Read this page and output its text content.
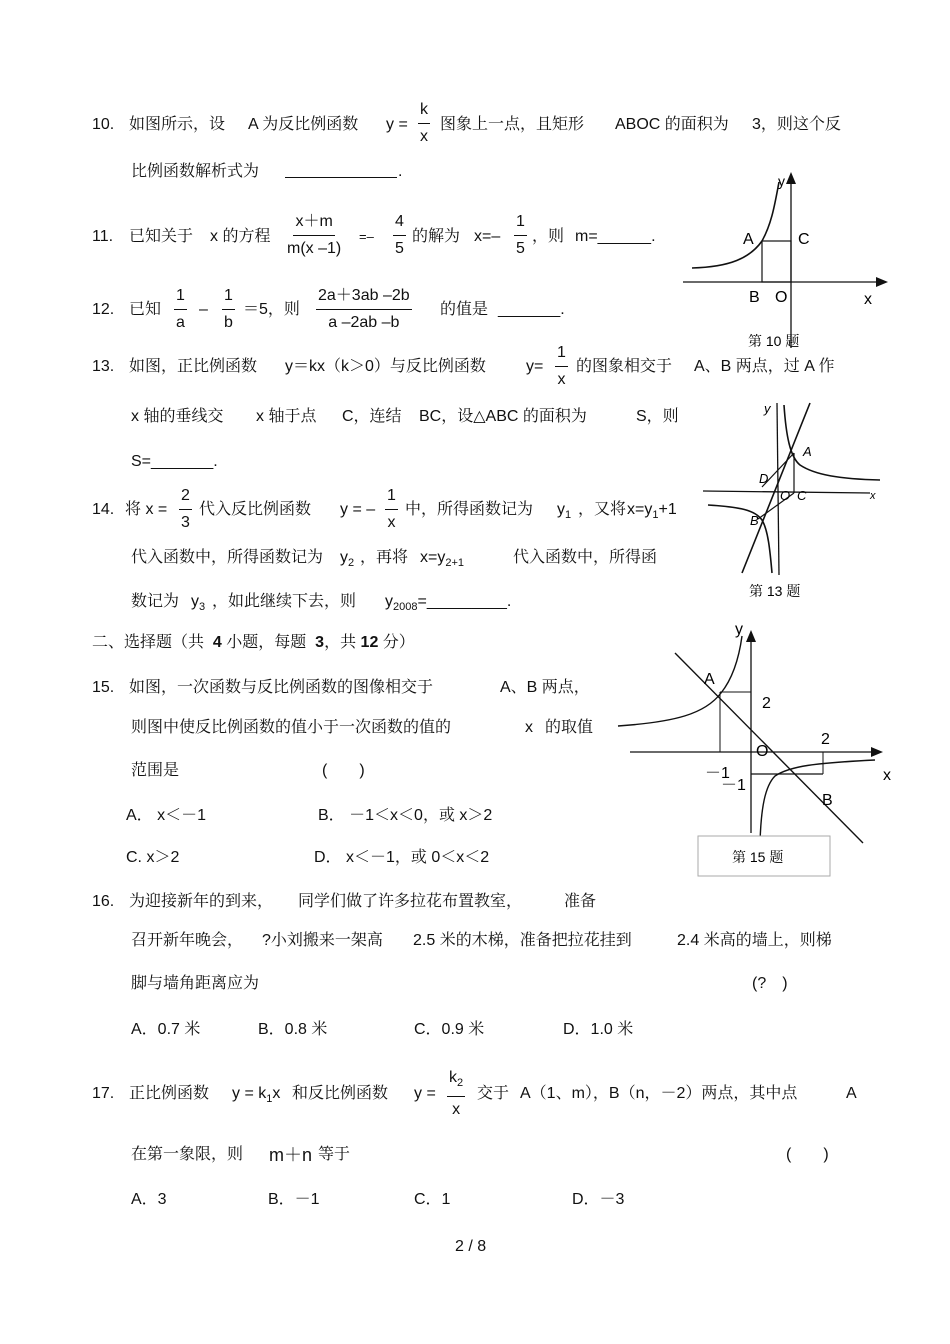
10. 如图所示，设 A 为反比例函数 $y = \frac{k}{x}$ 图象上一点，且矩形 ABOC 的面积为 3，则这个反
比例函数解析式为	.
11. 已知关于 x 的方程 $\frac{x+m}{m(x -1)} =- \frac{4}{5}$ 的解为 $x=- \frac{1}{5}$ ，则 m=______.
12. 已知 $\frac{1}{a} - \frac{1}{b} =5$，则 $\frac{2a+3ab -2b}{a -2ab -b}$ 的值是 _______.
A	C
B O
y
x
第 10 题
13. 如图，正比例函数 y＝kx（k＞0）与反比例函数	$y= \frac{1}{x}$ 的图象相交于 A、B 两点，过 A 作
x 轴的垂线交 x 轴于点 C，连结 BC，设△ABC 的面积为	S，则
S=_______.
y
A
D
O C
B
x
第 13 题
14. 将 $x = \frac{2}{3}$ 代入反比例函数 y = – $\frac{1}{x}$ 中，所得函数记为 $y_1$ ，又将 $x=y_1+1$
代入函数中，所得函数记为 $y_2$ ，再将 $x=y_{2+1}$	代入函数中，所得函
数记为 $y_3$ ，如此继续下去，则 $y_{2008}=\_\_\_\_\_\_\_\_\_$.
二、选择题（共 4 小题，每题 3，共 12 分）
15. 如图，一次函数与反比例函数的图像相交于	A、B 两点，
则图中使反比例函数的值小于一次函数的值的	x 的取值
范围是	(　　)
A． x＜－1	B． －1＜x＜0，或 x＞2
C. x＞2	D． x＜－1，或 0＜x＜2
y
A
2
2
O
x
－1
－1
B
第 15 题
16. 为迎接新年的到来， 同学们做了许多拉花布置教室，	准备
召开新年晚会， ?小刘搬来一架高 2.5 米的木梯，准备把拉花挂到	2.4 米高的墙上，则梯
脚与墙角距离应为	(?　)
A．0.7 米	B．0.8 米	C．0.9 米	D．1.0 米
17. 正比例函数 $y = k_1x$ 和反比例函数 $y = \frac{k_2}{x}$ 交于 A（1、m），B（n，－2）两点，其中点	A
在第一象限，则 m＋n 等于	(　　)
A．3	B．－1	C．1	D．－3
2 / 8
